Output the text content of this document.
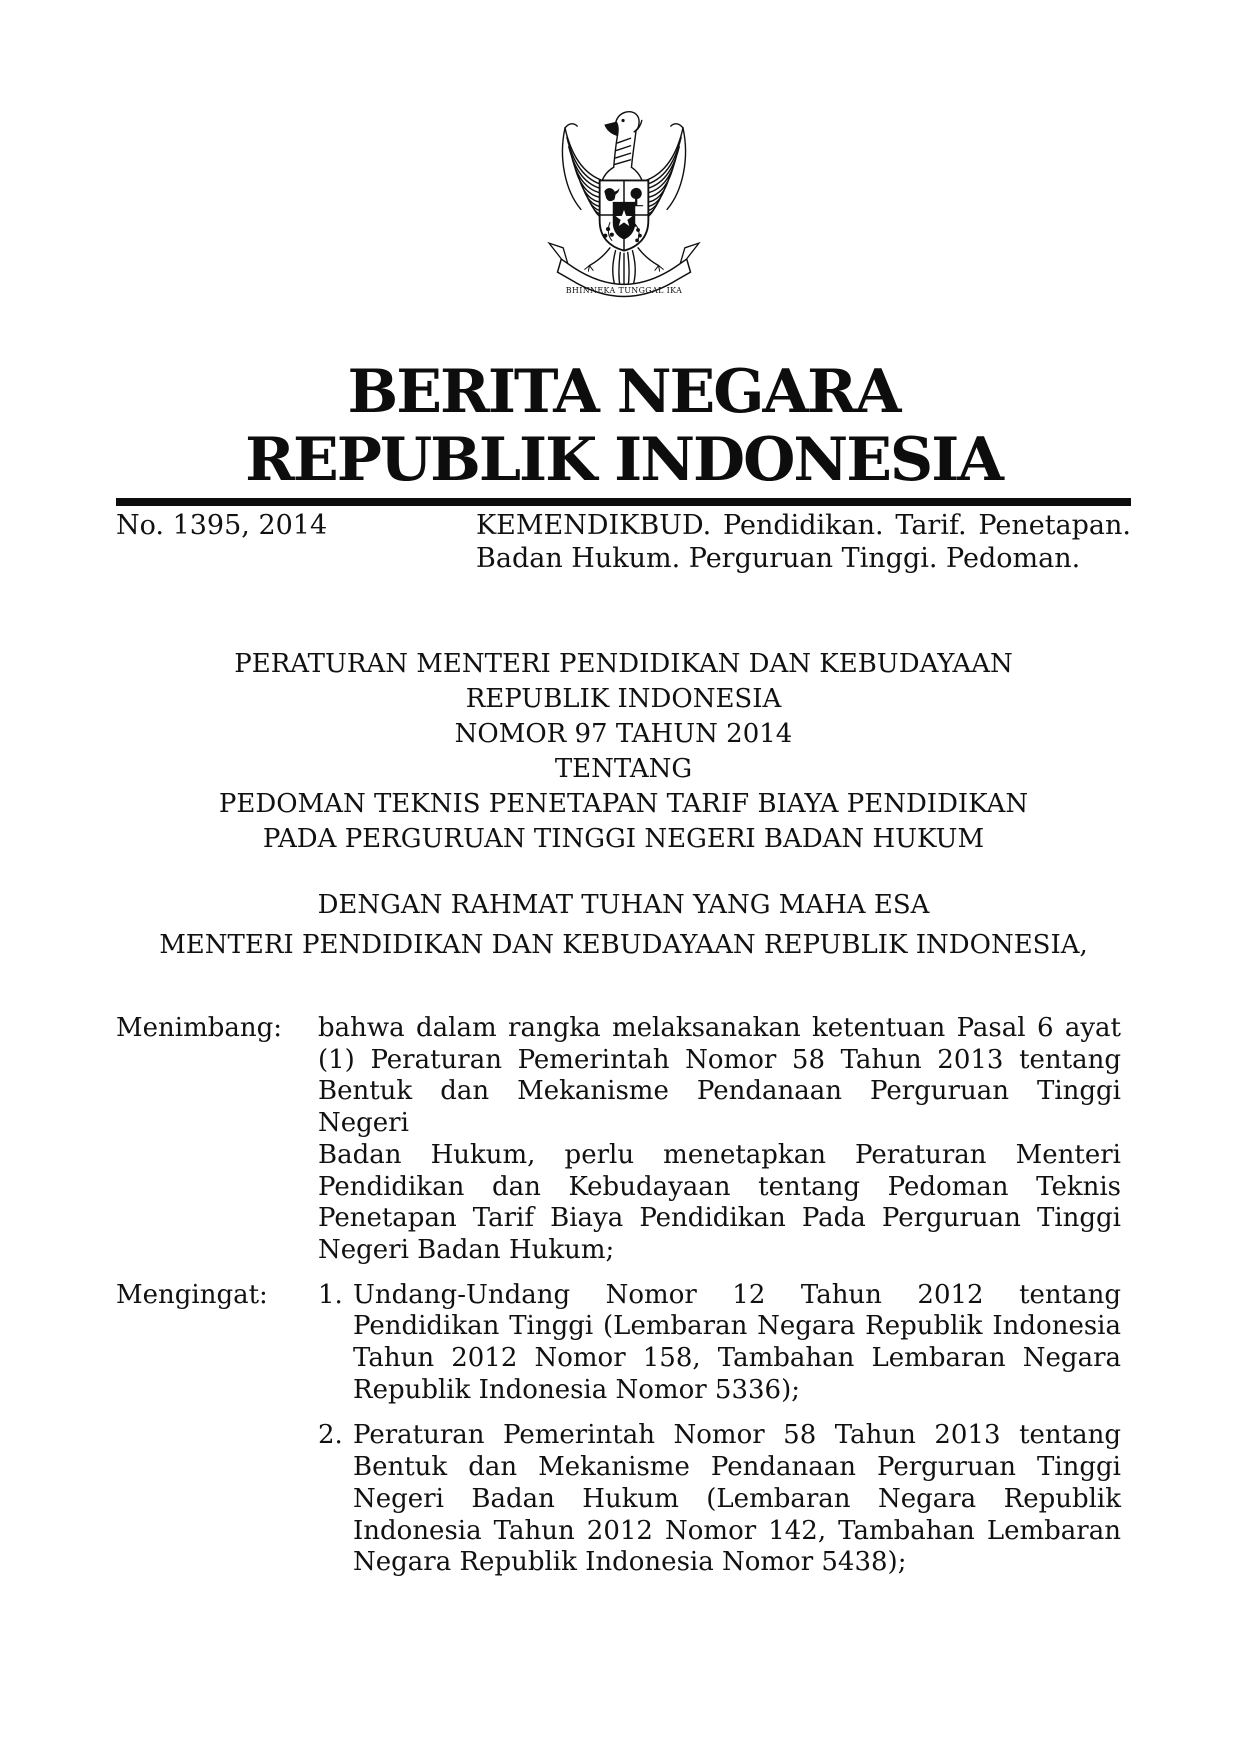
BHINNEKA TUNGGAL IKA
BERITA NEGARA
REPUBLIK INDONESIA
No. 1395, 2014	KEMENDIKBUD. Pendidikan. Tarif. Penetapan.
Badan Hukum. Perguruan Tinggi. Pedoman.
PERATURAN MENTERI PENDIDIKAN DAN KEBUDAYAAN
REPUBLIK INDONESIA
NOMOR 97 TAHUN 2014
TENTANG
PEDOMAN TEKNIS PENETAPAN TARIF BIAYA PENDIDIKAN
PADA PERGURUAN TINGGI NEGERI BADAN HUKUM
DENGAN RAHMAT TUHAN YANG MAHA ESA
MENTERI PENDIDIKAN DAN KEBUDAYAAN REPUBLIK INDONESIA,
Menimbang:	bahwa dalam rangka melaksanakan ketentuan Pasal 6 ayat
(1) Peraturan Pemerintah Nomor 58 Tahun 2013 tentang
Bentuk dan Mekanisme Pendanaan Perguruan Tinggi Negeri
Badan Hukum, perlu menetapkan Peraturan Menteri
Pendidikan dan Kebudayaan tentang Pedoman Teknis
Penetapan Tarif Biaya Pendidikan Pada Perguruan Tinggi
Negeri Badan Hukum;
Mengingat:	1. Undang-Undang Nomor 12 Tahun 2012 tentang
Pendidikan Tinggi (Lembaran Negara Republik Indonesia
Tahun 2012 Nomor 158, Tambahan Lembaran Negara
Republik Indonesia Nomor 5336);
2. Peraturan Pemerintah Nomor 58 Tahun 2013 tentang
Bentuk dan Mekanisme Pendanaan Perguruan Tinggi
Negeri Badan Hukum (Lembaran Negara Republik
Indonesia Tahun 2012 Nomor 142, Tambahan Lembaran
Negara Republik Indonesia Nomor 5438);
